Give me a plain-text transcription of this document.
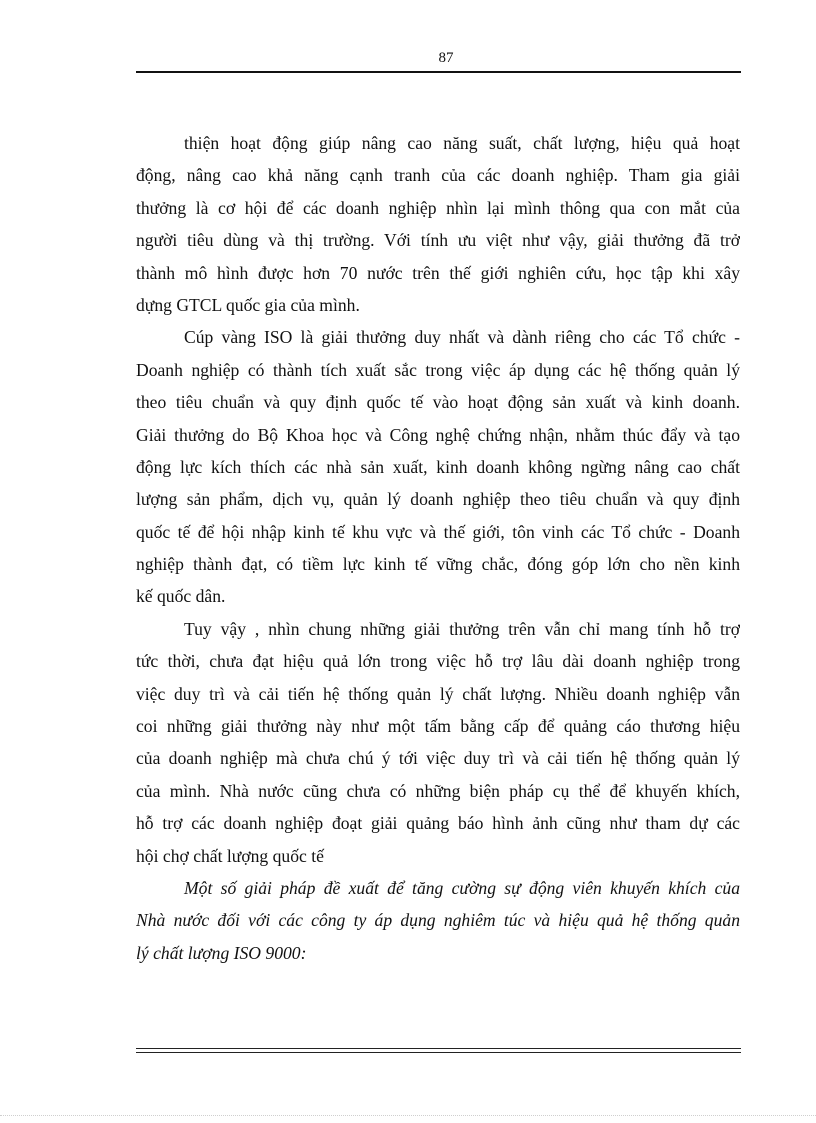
87
thiện hoạt động giúp nâng cao năng suất, chất lượng, hiệu quả hoạt
động, nâng cao khả năng cạnh tranh của các doanh nghiệp. Tham gia giải
thưởng là cơ hội để các doanh nghiệp nhìn lại mình thông qua con mắt của
người tiêu dùng và thị trường. Với tính ưu việt như vậy, giải thưởng đã trở
thành mô hình được hơn 70 nước trên thế giới nghiên cứu, học tập khi xây
dựng GTCL quốc gia của mình.
Cúp vàng ISO là giải thưởng duy nhất và dành riêng cho các Tổ chức -
Doanh nghiệp có thành tích xuất sắc trong việc áp dụng các hệ thống quản lý
theo tiêu chuẩn và quy định quốc tế vào hoạt động sản xuất và kinh doanh.
Giải thưởng do Bộ Khoa học và Công nghệ chứng nhận, nhằm thúc đẩy và tạo
động lực kích thích các nhà sản xuất, kinh doanh không ngừng nâng cao chất
lượng sản phẩm, dịch vụ, quản lý doanh nghiệp theo tiêu chuẩn và quy định
quốc tế để hội nhập kinh tế khu vực và thế giới, tôn vinh các Tổ chức - Doanh
nghiệp thành đạt, có tiềm lực kinh tế vững chắc, đóng góp lớn cho nền kinh
kế quốc dân.
Tuy vậy , nhìn chung những giải thưởng trên vẫn chỉ mang tính hỗ trợ
tức thời, chưa đạt hiệu quả lớn trong việc hỗ trợ lâu dài doanh nghiệp trong
việc duy trì và cải tiến hệ thống quản lý chất lượng. Nhiều doanh nghiệp vẫn
coi những giải thưởng này như một tấm bằng cấp để quảng cáo thương hiệu
của doanh nghiệp mà chưa chú ý tới việc duy trì và cải tiến hệ thống quản lý
của mình. Nhà nước cũng chưa có những biện pháp cụ thể để khuyến khích,
hỗ trợ các doanh nghiệp đoạt giải quảng báo hình ảnh cũng như tham dự các
hội chợ chất lượng quốc tế
Một số giải pháp đề xuất để tăng cường sự động viên khuyến khích của
Nhà nước đối với các công ty áp dụng nghiêm túc và hiệu quả hệ thống quản
lý chất lượng ISO 9000:
